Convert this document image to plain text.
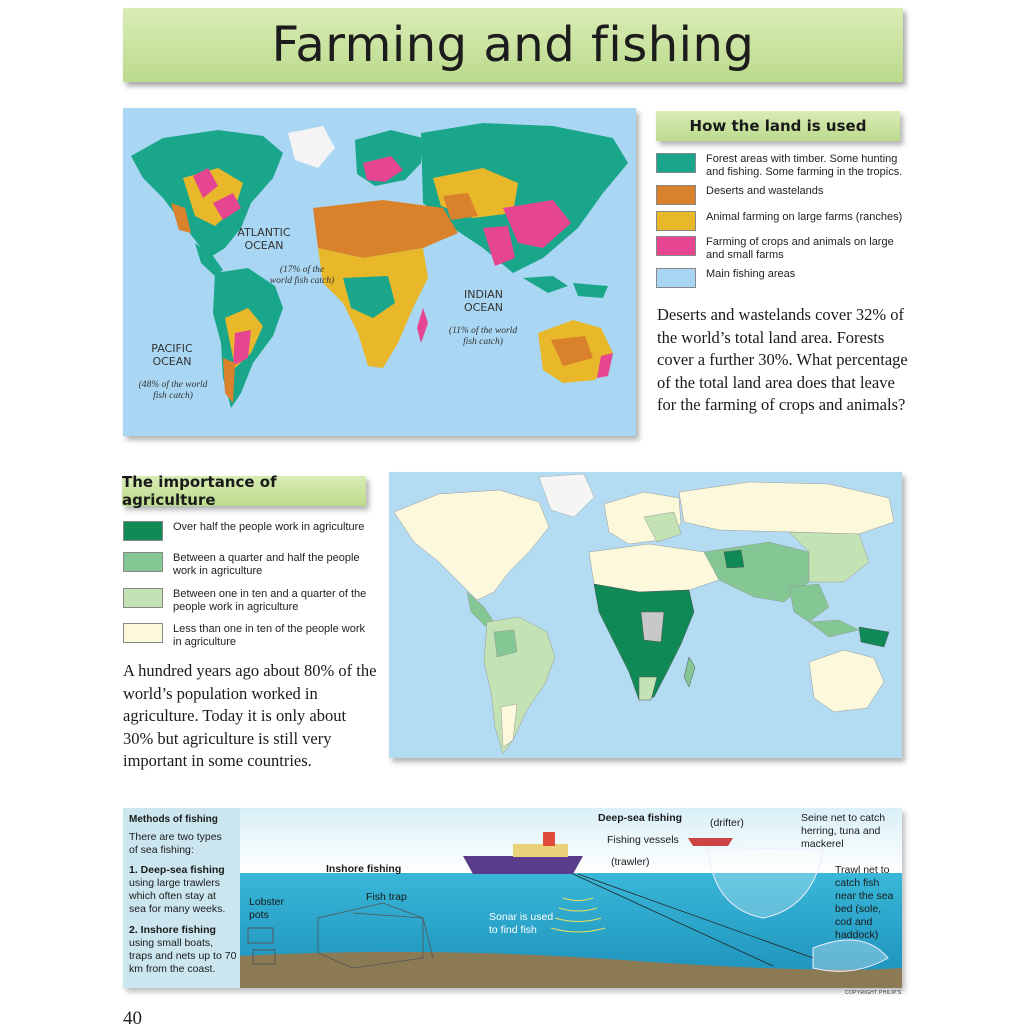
Farming and fishing
ATLANTIC OCEAN
(17% of the world fish catch)
INDIAN OCEAN
(11% of the world fish catch)
PACIFIC OCEAN
(48% of the world fish catch)
How the land is used
Forest areas with timber. Some hunting and fishing. Some farming in the tropics.
Deserts and wastelands
Animal farming on large farms (ranches)
Farming of crops and animals on large and small farms
Main fishing areas
Deserts and wastelands cover 32% of the world’s total land area. Forests cover a further 30%. What percentage of the total land area does that leave for the farming of crops and animals?
The importance of agriculture
Over half the people work in agriculture
Between a quarter and half the people work in agriculture
Between one in ten and a quarter of the people work in agriculture
Less than one in ten of the people work in agriculture
A hundred years ago about 80% of the world’s population worked in agriculture. Today it is only about 30% but agriculture is still very important in some countries.
Methods of fishing
There are two types of sea fishing:
1. Deep-sea fishing
using large trawlers which often stay at sea for many weeks.
2. Inshore fishing
using small boats, traps and nets up to 70 km from the coast.
Deep-sea fishing	(drifter)
Fishing vessels
(trawler)
Seine net to catch herring, tuna and mackerel
Inshore fishing
Lobster pots
Fish trap
Sonar is used to find fish
Trawl net to catch fish near the sea bed (sole, cod and haddock)
COPYRIGHT PHILIP'S
40
